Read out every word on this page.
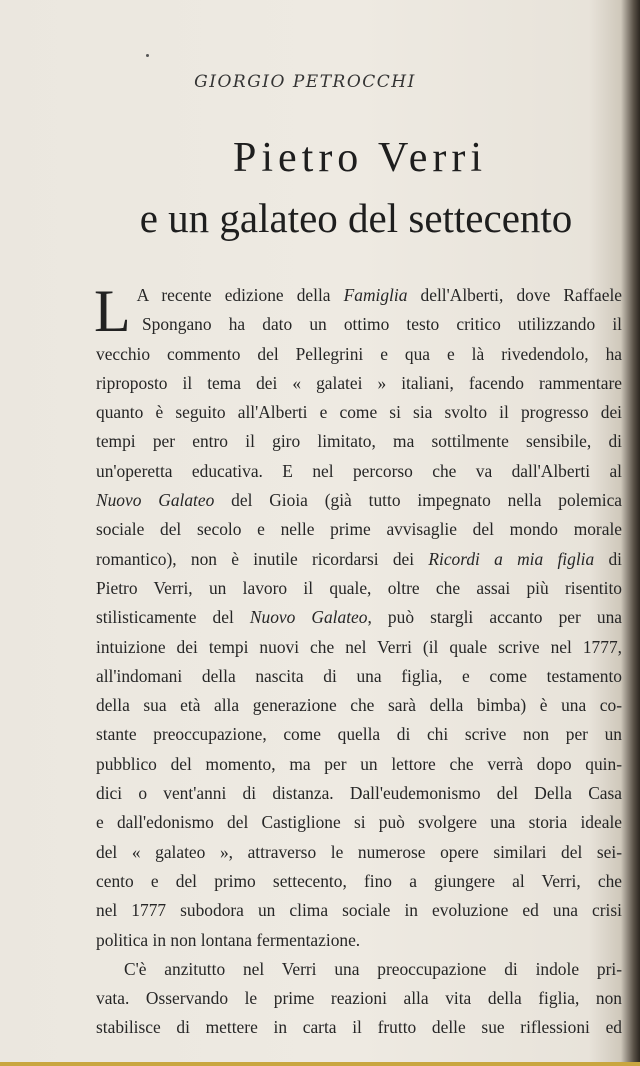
GIORGIO PETROCCHI
Pietro Verri
e un galateo del settecento
L A recente edizione della Famiglia dell'Alberti, dove Raffaele
Spongano ha dato un ottimo testo critico utilizzando il
vecchio commento del Pellegrini e qua e là rivedendolo, ha
riproposto il tema dei « galatei » italiani, facendo rammentare
quanto è seguito all'Alberti e come si sia svolto il progresso dei
tempi per entro il giro limitato, ma sottilmente sensibile, di
un'operetta educativa. E nel percorso che va dall'Alberti al
Nuovo Galateo del Gioia (già tutto impegnato nella polemica
sociale del secolo e nelle prime avvisaglie del mondo morale
romantico), non è inutile ricordarsi dei Ricordi a mia figlia di
Pietro Verri, un lavoro il quale, oltre che assai più risentito
stilisticamente del Nuovo Galateo, può stargli accanto per una
intuizione dei tempi nuovi che nel Verri (il quale scrive nel 1777,
all'indomani della nascita di una figlia, e come testamento
della sua età alla generazione che sarà della bimba) è una co-
stante preoccupazione, come quella di chi scrive non per un
pubblico del momento, ma per un lettore che verrà dopo quin-
dici o vent'anni di distanza. Dall'eudemonismo del Della Casa
e dall'edonismo del Castiglione si può svolgere una storia ideale
del « galateo », attraverso le numerose opere similari del sei-
cento e del primo settecento, fino a giungere al Verri, che
nel 1777 subodora un clima sociale in evoluzione ed una crisi
politica in non lontana fermentazione.
C'è anzitutto nel Verri una preoccupazione di indole pri-
vata. Osservando le prime reazioni alla vita della figlia, non
stabilisce di mettere in carta il frutto delle sue riflessioni ed
